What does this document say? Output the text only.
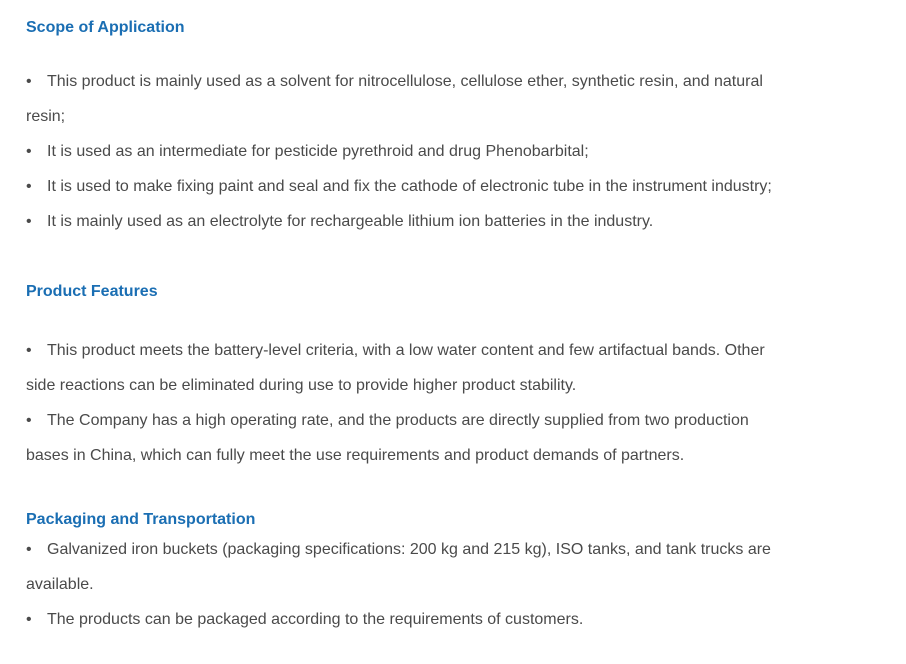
Scope of Application

• This product is mainly used as a solvent for nitrocellulose, cellulose ether, synthetic resin, and natural

resin;

• It is used as an intermediate for pesticide pyrethroid and drug Phenobarbital;

• It is used to make fixing paint and seal and fix the cathode of electronic tube in the instrument industry;

• It is mainly used as an electrolyte for rechargeable lithium ion batteries in the industry.

Product Features

• This product meets the battery-level criteria, with a low water content and few artifactual bands. Other

side reactions can be eliminated during use to provide higher product stability.

• The Company has a high operating rate, and the products are directly supplied from two production

bases in China, which can fully meet the use requirements and product demands of partners.

Packaging and Transportation

• Galvanized iron buckets (packaging specifications: 200 kg and 215 kg), ISO tanks, and tank trucks are

available.

• The products can be packaged according to the requirements of customers.
